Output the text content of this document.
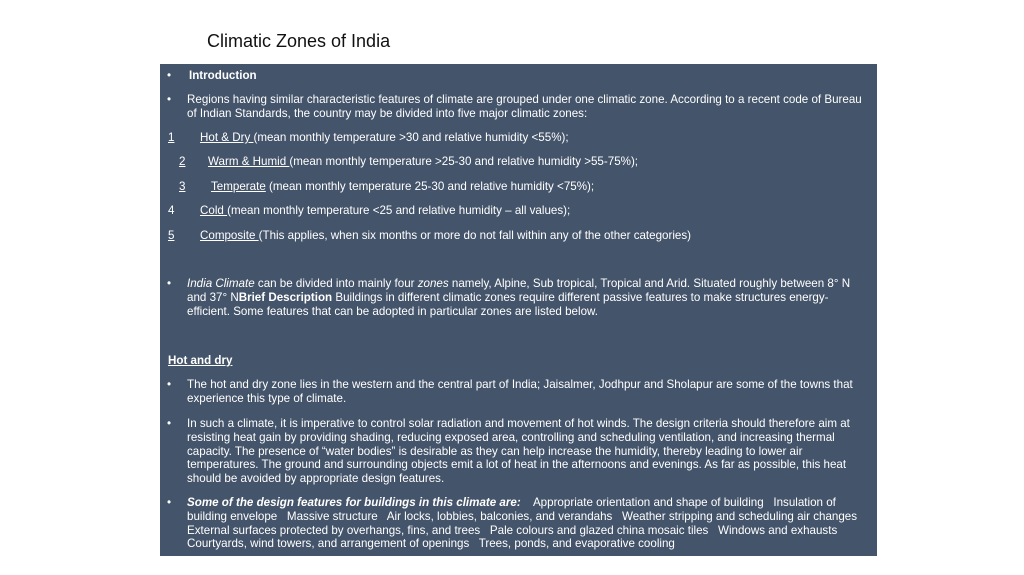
Climatic Zones of India
• Introduction
• Regions having similar characteristic features of climate are grouped under one climatic zone. According to a recent code of Bureau of Indian Standards, the country may be divided into five major climatic zones:
1 Hot & Dry (mean monthly temperature >30 and relative humidity <55%);
2 Warm & Humid (mean monthly temperature >25-30 and relative humidity >55-75%);
3 Temperate (mean monthly temperature 25-30 and relative humidity <75%);
4 Cold (mean monthly temperature <25 and relative humidity – all values);
5 Composite (This applies, when six months or more do not fall within any of the other categories)
• India Climate can be divided into mainly four zones namely, Alpine, Sub tropical, Tropical and Arid. Situated roughly between 8° N and 37° NBrief Description Buildings in different climatic zones require different passive features to make structures energy-efficient. Some features that can be adopted in particular zones are listed below.
Hot and dry
• The hot and dry zone lies in the western and the central part of India; Jaisalmer, Jodhpur and Sholapur are some of the towns that experience this type of climate.
• In such a climate, it is imperative to control solar radiation and movement of hot winds. The design criteria should therefore aim at resisting heat gain by providing shading, reducing exposed area, controlling and scheduling ventilation, and increasing thermal capacity. The presence of “water bodies” is desirable as they can help increase the humidity, thereby leading to lower air temperatures. The ground and surrounding objects emit a lot of heat in the afternoons and evenings. As far as possible, this heat should be avoided by appropriate design features.
• Some of the design features for buildings in this climate are:    Appropriate orientation and shape of building   Insulation of building envelope   Massive structure   Air locks, lobbies, balconies, and verandahs   Weather stripping and scheduling air changes   External surfaces protected by overhangs, fins, and trees   Pale colours and glazed china mosaic tiles   Windows and exhausts   Courtyards, wind towers, and arrangement of openings   Trees, ponds, and evaporative cooling
